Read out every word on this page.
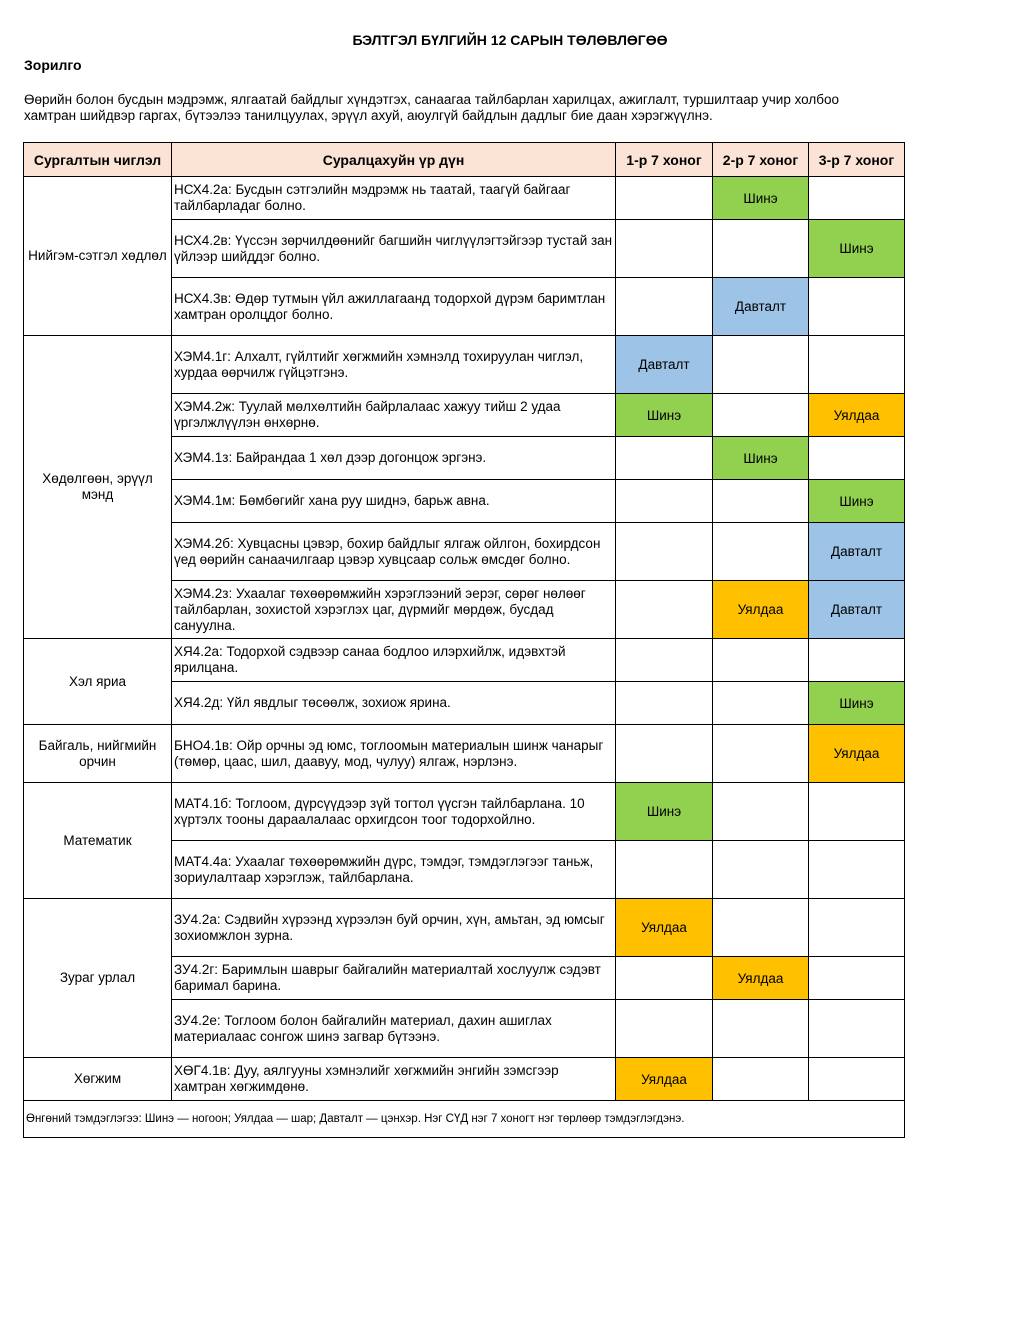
БЭЛТГЭЛ БҮЛГИЙН 12 САРЫН ТӨЛӨВЛӨГӨӨ
Зорилго
Өөрийн болон бусдын мэдрэмж, ялгаатай байдлыг хүндэтгэх, санаагаа тайлбарлан харилцах, ажиглалт, туршилтаар учир холбоо
хамтран шийдвэр гаргах, бүтээлээ танилцуулах, эрүүл ахуй, аюулгүй байдлын дадлыг бие даан хэрэгжүүлнэ.
Сургалтын чиглэл	Суралцахуйн үр дүн	1-р 7 хоног	2-р 7 хоног	3-р 7 хоног
Нийгэм-сэтгэл хөдлөл	НСХ4.2а: Бусдын сэтгэлийн мэдрэмж нь таатай, таагүй байгааг тайлбарладаг болно.		Шинэ	
	НСХ4.2в: Үүссэн зөрчилдөөнийг багшийн чиглүүлэгтэйгээр тустай зан үйлээр шийддэг болно.			Шинэ
	НСХ4.3в: Өдөр тутмын үйл ажиллагаанд тодорхой дүрэм баримтлан хамтран оролцдог болно.		Давталт	
Хөдөлгөөн, эрүүл мэнд	ХЭМ4.1г: Алхалт, гүйлтийг хөгжмийн хэмнэлд тохируулан чиглэл, хурдаа өөрчилж гүйцэтгэнэ.	Давталт		
	ХЭМ4.2ж: Туулай мөлхөлтийн байрлалаас хажуу тийш 2 удаа үргэлжлүүлэн өнхөрнө.	Шинэ		Уялдаа
	ХЭМ4.1з: Байрандаа 1 хөл дээр догонцож эргэнэ.		Шинэ	
	ХЭМ4.1м: Бөмбөгийг хана руу шиднэ, барьж авна.			Шинэ
	ХЭМ4.2б: Хувцасны цэвэр, бохир байдлыг ялгаж ойлгон, бохирдсон үед өөрийн санаачилгаар цэвэр хувцсаар сольж өмсдөг болно.			Давталт
	ХЭМ4.2з: Ухаалаг төхөөрөмжийн хэрэглээний эерэг, сөрөг нөлөөг тайлбарлан, зохистой хэрэглэх цаг, дүрмийг мөрдөж, бусдад сануулна.		Уялдаа	Давталт
Хэл яриа	ХЯ4.2а: Тодорхой сэдвээр санаа бодлоо илэрхийлж, идэвхтэй ярилцана.			
	ХЯ4.2д: Үйл явдлыг төсөөлж, зохиож ярина.			Шинэ
Байгаль, нийгмийн орчин	БНО4.1в: Ойр орчны эд юмс, тоглоомын материалын шинж чанарыг (төмөр, цаас, шил, даавуу, мод, чулуу) ялгаж, нэрлэнэ.			Уялдаа
Математик	МАТ4.1б: Тоглоом, дүрсүүдээр зүй тогтол үүсгэн тайлбарлана. 10 хүртэлх тооны дараалалаас орхигдсон тоог тодорхойлно.	Шинэ		
	МАТ4.4а: Ухаалаг төхөөрөмжийн дүрс, тэмдэг, тэмдэглэгээг таньж, зориулалтаар хэрэглэж, тайлбарлана.			
Зураг урлал	ЗУ4.2а: Сэдвийн хүрээнд хүрээлэн буй орчин, хүн, амьтан, эд юмсыг зохиомжлон зурна.	Уялдаа		
	ЗУ4.2г: Баримлын шаврыг байгалийн материалтай хослуулж сэдэвт баримал барина.		Уялдаа	
	ЗУ4.2е: Тоглоом болон байгалийн материал, дахин ашиглах материалаас сонгож шинэ загвар бүтээнэ.			
Хөгжим	ХӨГ4.1в: Дуу, аялгууны хэмнэлийг хөгжмийн энгийн зэмсгээр хамтран хөгжимдөнө.	Уялдаа		
Өнгөний тэмдэглэгээ: Шинэ — ногоон; Уялдаа — шар; Давталт — цэнхэр. Нэг СҮД нэг 7 хоногт нэг төрлөөр тэмдэглэгдэнэ.				
